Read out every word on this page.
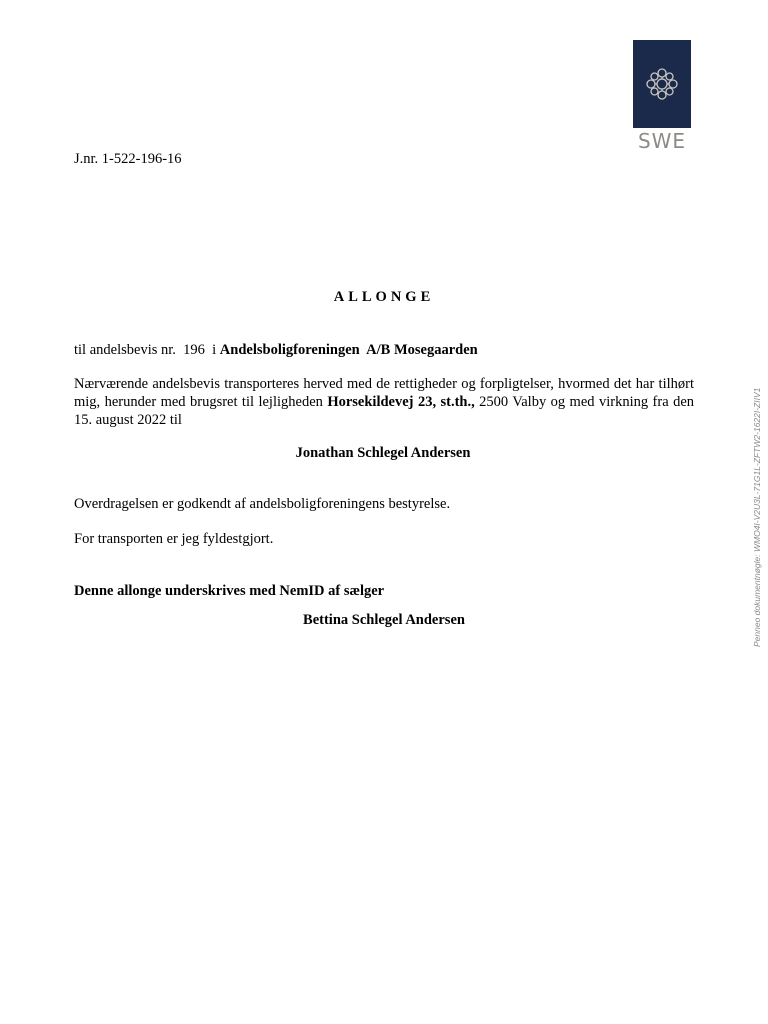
SWE
J.nr. 1-522-196-16
ALLONGE
til andelsbevis nr.  196  i Andelsboligforeningen  A/B Mosegaarden
Nærværende andelsbevis transporteres herved med de rettigheder og forpligtelser, hvormed det har tilhørt mig, herunder med brugsret til lejligheden Horsekildevej 23, st.th., 2500 Valby og med virkning fra den 15. august 2022 til
Jonathan Schlegel Andersen
Overdragelsen er godkendt af andelsboligforeningens bestyrelse.
For transporten er jeg fyldestgjort.
Denne allonge underskrives med NemID af sælger
Bettina Schlegel Andersen	Penneo dokumentnøgle: WMO4I-V2U3L-71G1L-ZFTW2-1622I-ZIIV1
